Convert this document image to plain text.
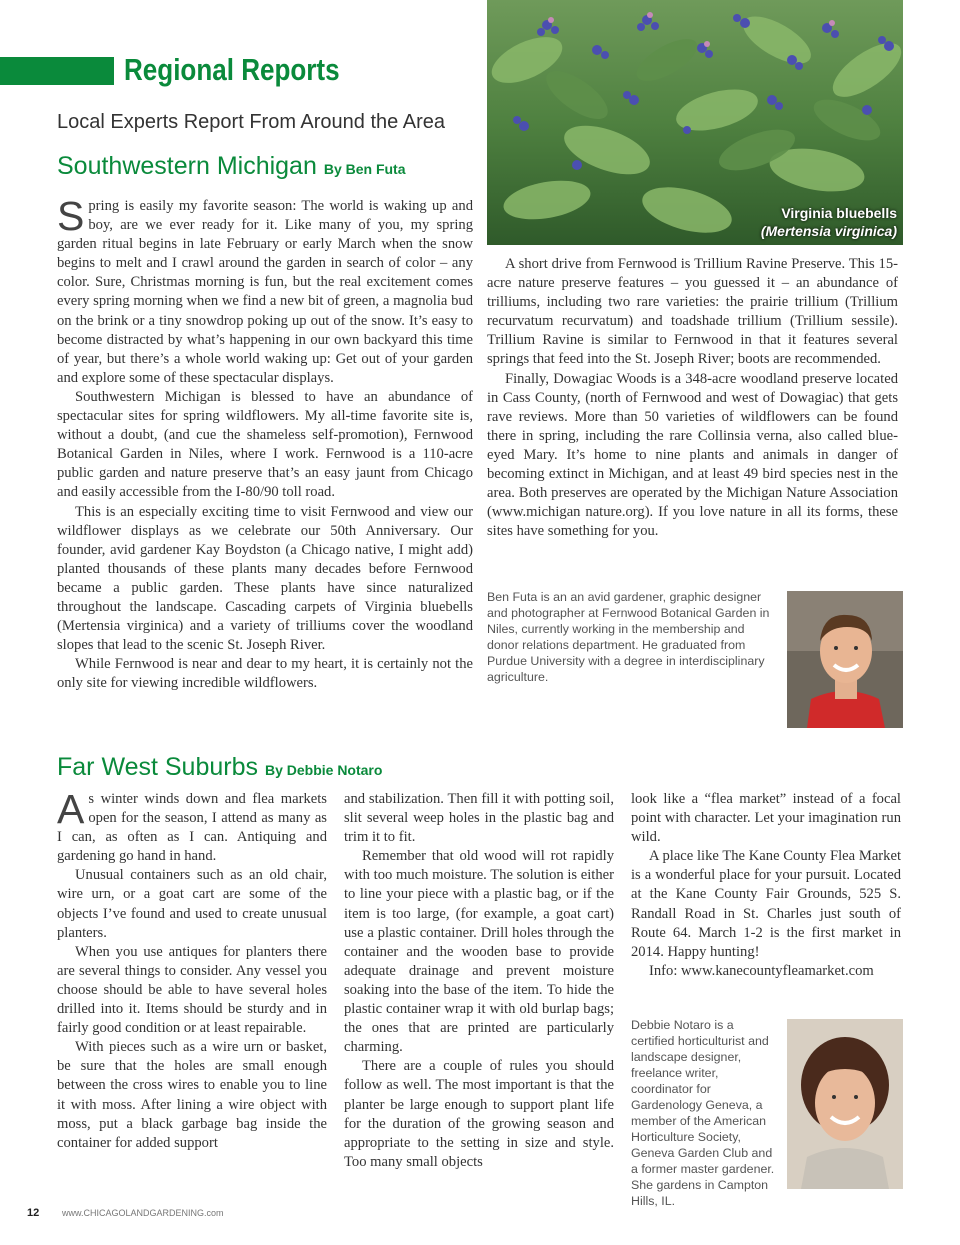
Regional Reports
Local Experts Report From Around the Area
Virginia bluebells
(Mertensia virginica)
Southwestern Michigan By Ben Futa

Spring is easily my favorite season: The world is waking up and boy, are we ever ready for it. Like many of you, my spring garden ritual begins in late February or early March when the snow begins to melt and I crawl around the garden in search of color – any color. Sure, Christmas morning is fun, but the real excitement comes every spring morning when we find a new bit of green, a magnolia bud on the brink or a tiny snowdrop poking up out of the snow. It’s easy to become distracted by what’s happening in our own backyard this time of year, but there’s a whole world waking up: Get out of your garden and explore some of these spectacular displays.

Southwestern Michigan is blessed to have an abundance of spectacular sites for spring wildflowers. My all-time favorite site is, without a doubt, (and cue the shameless self-promotion), Fernwood Botanical Garden in Niles, where I work. Fernwood is a 110-acre public garden and nature preserve that’s an easy jaunt from Chicago and easily accessible from the I-80/90 toll road.

This is an especially exciting time to visit Fernwood and view our wildflower displays as we celebrate our 50th Anniversary. Our founder, avid gardener Kay Boydston (a Chicago native, I might add) planted thousands of these plants many decades before Fernwood became a public garden. These plants have since naturalized throughout the landscape. Cascading carpets of Virginia bluebells (Mertensia virginica) and a variety of trilliums cover the woodland slopes that lead to the scenic St. Joseph River.

While Fernwood is near and dear to my heart, it is certainly not the only site for viewing incredible wildflowers.

A short drive from Fernwood is Trillium Ravine Preserve. This 15-acre nature preserve features – you guessed it – an abundance of trilliums, including two rare varieties: the prairie trillium (Trillium recurvatum recurvatum) and toadshade trillium (Trillium sessile). Trillium Ravine is similar to Fernwood in that it features several springs that feed into the St. Joseph River; boots are recommended.

Finally, Dowagiac Woods is a 348-acre woodland preserve located in Cass County, (north of Fernwood and west of Dowagiac) that gets rave reviews. More than 50 varieties of wildflowers can be found there in spring, including the rare Collinsia verna, also called blue-eyed Mary. It’s home to nine plants and animals in danger of becoming extinct in Michigan, and at least 49 bird species nest in the area. Both preserves are operated by the Michigan Nature Association (www.michigan nature.org). If you love nature in all its forms, these sites have something for you.

Ben Futa is an an avid gardener, graphic designer and photographer at Fernwood Botanical Garden in Niles, currently working in the membership and donor relations department. He graduated from Purdue University with a degree in interdisciplinary agriculture.
Far West Suburbs By Debbie Notaro

As winter winds down and flea markets open for the season, I attend as many as I can, as often as I can. Antiquing and gardening go hand in hand.

Unusual containers such as an old chair, wire urn, or a goat cart are some of the objects I’ve found and used to create unusual planters.

When you use antiques for planters there are several things to consider. Any vessel you choose should be able to have several holes drilled into it. Items should be sturdy and in fairly good condition or at least repairable.

With pieces such as a wire urn or basket, be sure that the holes are small enough between the cross wires to enable you to line it with moss. After lining a wire object with moss, put a black garbage bag inside the container for added support

and stabilization. Then fill it with potting soil, slit several weep holes in the plastic bag and trim it to fit.

Remember that old wood will rot rapidly with too much moisture. The solution is either to line your piece with a plastic bag, or if the item is too large, (for example, a goat cart) use a plastic container. Drill holes through the container and the wooden base to provide adequate drainage and prevent moisture soaking into the base of the item. To hide the plastic container wrap it with old burlap bags; the ones that are printed are particularly charming.

There are a couple of rules you should follow as well. The most important is that the planter be large enough to support plant life for the duration of the growing season and appropriate to the setting in size and style. Too many small objects

look like a “flea market” instead of a focal point with character. Let your imagination run wild.

A place like The Kane County Flea Market is a wonderful place for your pursuit. Located at the Kane County Fair Grounds, 525 S. Randall Road in St. Charles just south of Route 64. March 1-2 is the first market in 2014. Happy hunting!

Info: www.kanecountyfleamarket.com

Debbie Notaro is a certified horticulturist and landscape designer, freelance writer, coordinator for Gardenology Geneva, a member of the American Horticulture Society, Geneva Garden Club and a former master gardener. She gardens in Campton Hills, IL.
12	www.CHICAGOLANDGARDENING.com
